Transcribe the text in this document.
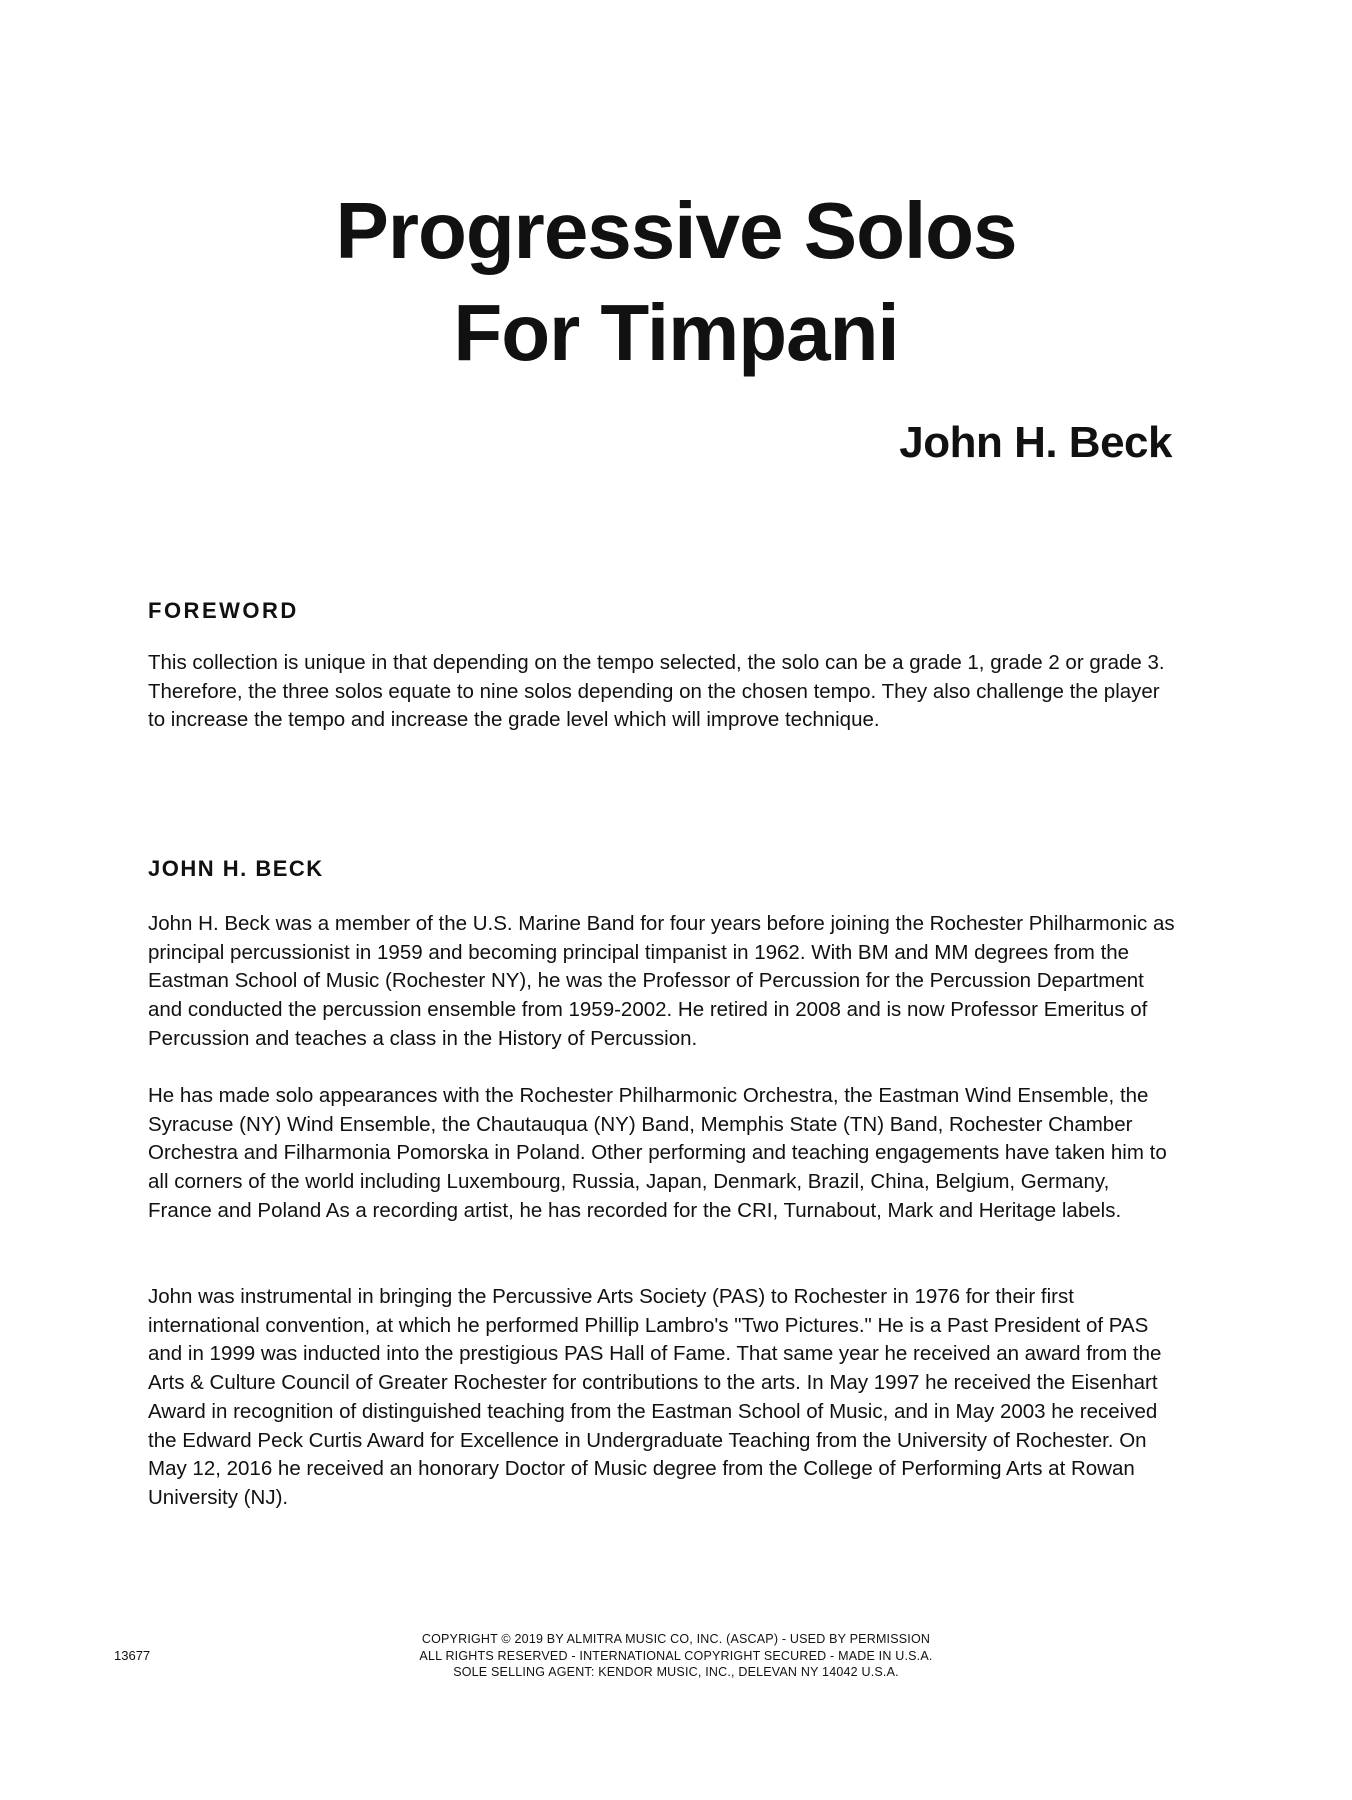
Progressive Solos
For Timpani
John H. Beck
FOREWORD

This collection is unique in that depending on the tempo selected, the solo can be a grade 1, grade 2 or grade 3. Therefore, the three solos equate to nine solos depending on the chosen tempo. They also challenge the player to increase the tempo and increase the grade level which will improve technique.

JOHN H. BECK

John H. Beck was a member of the U.S. Marine Band for four years before joining the Rochester Philharmonic as principal percussionist in 1959 and becoming principal timpanist in 1962. With BM and MM degrees from the Eastman School of Music (Rochester NY), he was the Professor of Percussion for the Percussion Department and conducted the percussion ensemble from 1959-2002. He retired in 2008 and is now Professor Emeritus of Percussion and teaches a class in the History of Percussion.

He has made solo appearances with the Rochester Philharmonic Orchestra, the Eastman Wind Ensemble, the Syracuse (NY) Wind Ensemble, the Chautauqua (NY) Band, Memphis State (TN) Band, Rochester Chamber Orchestra and Filharmonia Pomorska in Poland. Other performing and teaching engagements have taken him to all corners of the world including Luxembourg, Russia, Japan, Denmark, Brazil, China, Belgium, Germany, France and Poland As a recording artist, he has recorded for the CRI, Turnabout, Mark and Heritage labels.

John was instrumental in bringing the Percussive Arts Society (PAS) to Rochester in 1976 for their first international convention, at which he performed Phillip Lambro's "Two Pictures." He is a Past President of PAS and in 1999 was inducted into the prestigious PAS Hall of Fame. That same year he received an award from the Arts & Culture Council of Greater Rochester for contributions to the arts. In May 1997 he received the Eisenhart Award in recognition of distinguished teaching from the Eastman School of Music, and in May 2003 he received the Edward Peck Curtis Award for Excellence in Undergraduate Teaching from the University of Rochester. On May 12, 2016 he received an honorary Doctor of Music degree from the College of Performing Arts at Rowan University (NJ).

13677
COPYRIGHT © 2019 BY ALMITRA MUSIC CO, INC. (ASCAP) - USED BY PERMISSION
ALL RIGHTS RESERVED - INTERNATIONAL COPYRIGHT SECURED - MADE IN U.S.A.
SOLE SELLING AGENT: KENDOR MUSIC, INC., DELEVAN NY 14042 U.S.A.
